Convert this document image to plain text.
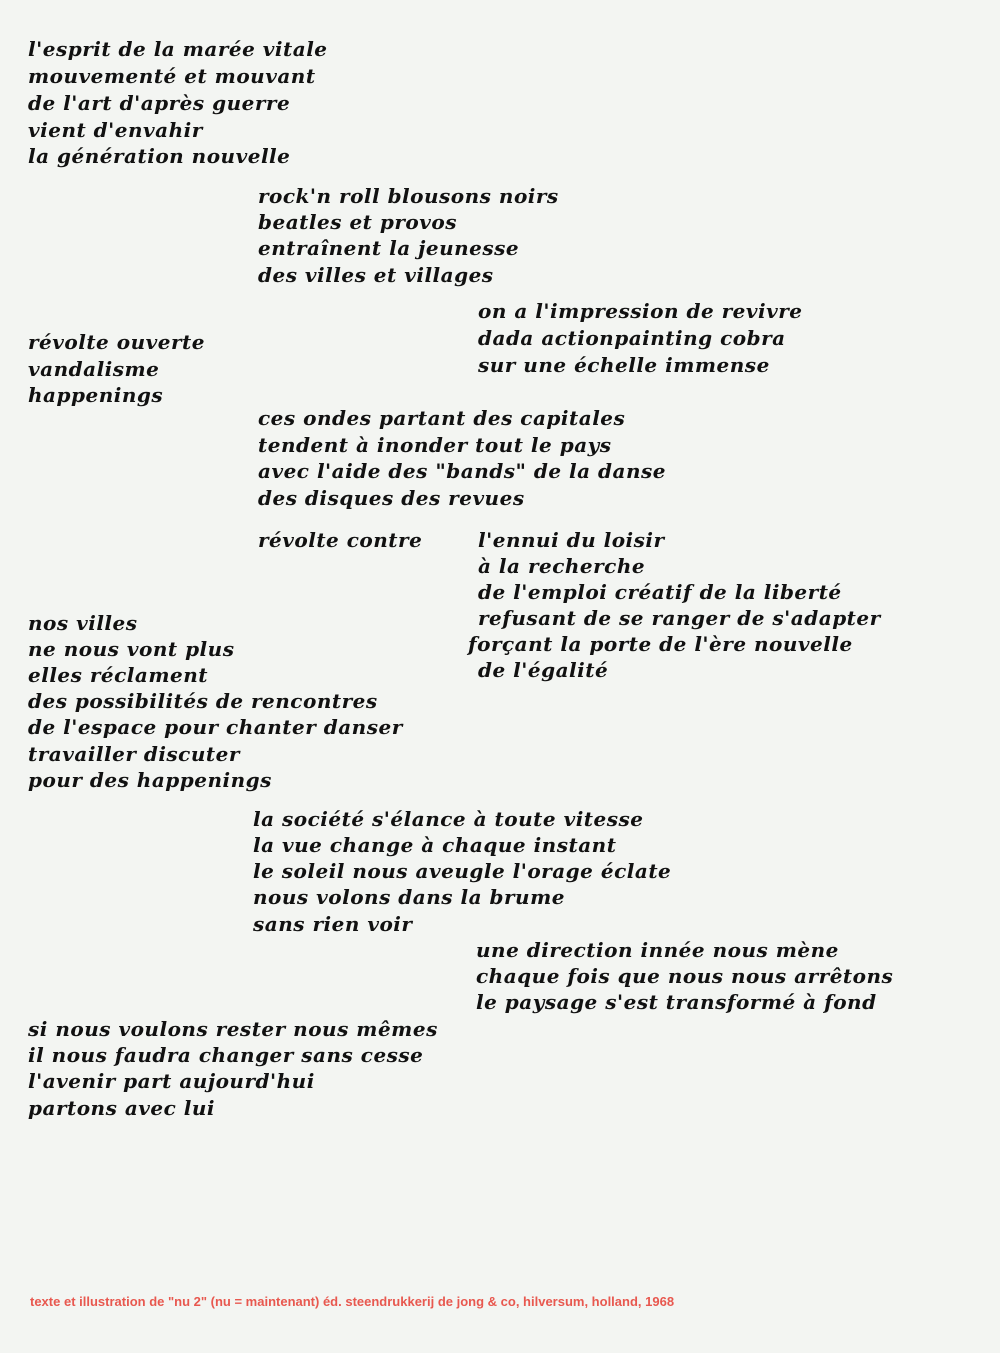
l'esprit de la marée vitale
mouvementé et mouvant
de l'art d'après guerre
vient d'envahir
la génération nouvelle
rock'n roll blousons noirs
beatles et provos
entraînent la jeunesse
des villes et villages
on a l'impression de revivre
dada actionpainting cobra
sur une échelle immense
révolte ouverte
vandalisme
happenings
ces ondes partant des capitales
tendent à inonder tout le pays
avec l'aide des "bands" de la danse
des disques des revues
révolte contre	l'ennui du loisir
à la recherche
de l'emploi créatif de la liberté
refusant de se ranger de s'adapter
forçant la porte de l'ère nouvelle
de l'égalité
nos villes
ne nous vont plus
elles réclament
des possibilités de rencontres
de l'espace pour chanter danser
travailler discuter
pour des happenings
la société s'élance à toute vitesse
la vue change à chaque instant
le soleil nous aveugle l'orage éclate
nous volons dans la brume
sans rien voir
une direction innée nous mène
chaque fois que nous nous arrêtons
le paysage s'est transformé à fond
si nous voulons rester nous mêmes
il nous faudra changer sans cesse
l'avenir part aujourd'hui
partons avec lui
texte et illustration de "nu 2" (nu = maintenant) éd. steendrukkerij de jong & co, hilversum, holland, 1968
